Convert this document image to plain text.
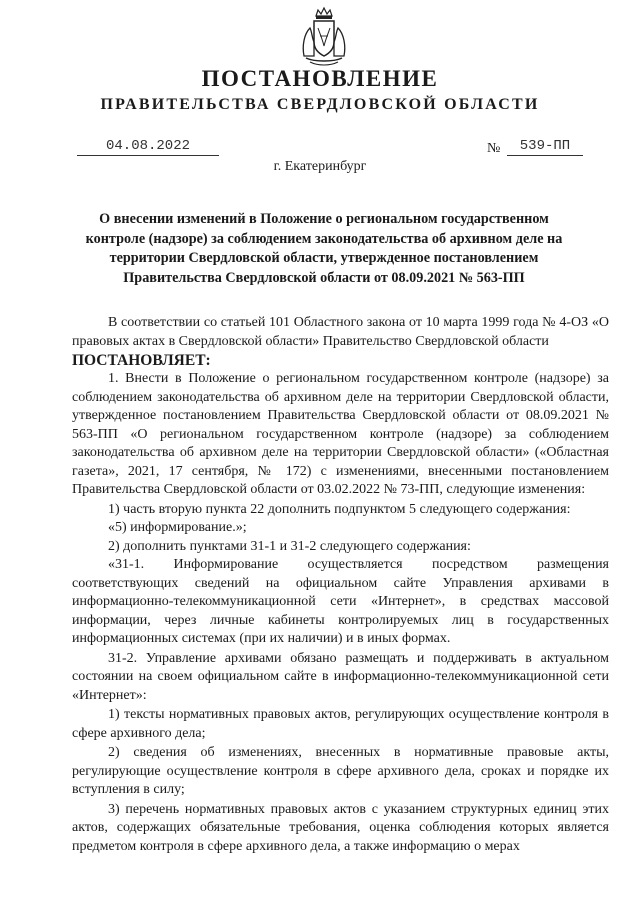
ПОСТАНОВЛЕНИЕ
ПРАВИТЕЛЬСТВА СВЕРДЛОВСКОЙ ОБЛАСТИ
04.08.2022	№	539-ПП
г. Екатеринбург

О внесении изменений в Положение о региональном государственном контроле (надзоре) за соблюдением законодательства об архивном деле на территории Свердловской области, утвержденное постановлением Правительства Свердловской области от 08.09.2021 № 563-ПП

В соответствии со статьей 101 Областного закона от 10 марта 1999 года № 4-ОЗ «О правовых актах в Свердловской области» Правительство Свердловской области

ПОСТАНОВЛЯЕТ:

1. Внести в Положение о региональном государственном контроле (надзоре) за соблюдением законодательства об архивном деле на территории Свердловской области, утвержденное постановлением Правительства Свердловской области от 08.09.2021 № 563-ПП «О региональном государственном контроле (надзоре) за соблюдением законодательства об архивном деле на территории Свердловской области» («Областная газета», 2021, 17 сентября, № 172) с изменениями, внесенными постановлением Правительства Свердловской области от 03.02.2022 № 73-ПП, следующие изменения:

1) часть вторую пункта 22 дополнить подпунктом 5 следующего содержания:

«5) информирование.»;

2) дополнить пунктами 31-1 и 31-2 следующего содержания:

«31-1. Информирование осуществляется посредством размещения соответствующих сведений на официальном сайте Управления архивами в информационно-телекоммуникационной сети «Интернет», в средствах массовой информации, через личные кабинеты контролируемых лиц в государственных информационных системах (при их наличии) и в иных формах.

31-2. Управление архивами обязано размещать и поддерживать в актуальном состоянии на своем официальном сайте в информационно-телекоммуникационной сети «Интернет»:

1) тексты нормативных правовых актов, регулирующих осуществление контроля в сфере архивного дела;

2) сведения об изменениях, внесенных в нормативные правовые акты, регулирующие осуществление контроля в сфере архивного дела, сроках и порядке их вступления в силу;

3) перечень нормативных правовых актов с указанием структурных единиц этих актов, содержащих обязательные требования, оценка соблюдения которых является предметом контроля в сфере архивного дела, а также информацию о мерах
